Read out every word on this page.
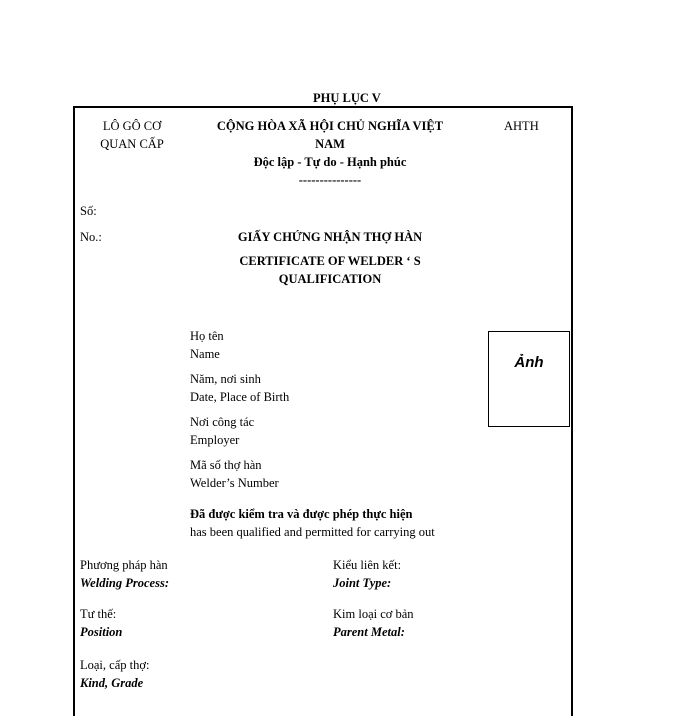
PHỤ LỤC V
LÔ GÔ CƠ
QUAN CẤP
CỘNG HÒA XÃ HỘI CHỦ NGHĨA VIỆT
NAM
Độc lập - Tự do - Hạnh phúc
---------------
AHTH
Số:
No.:	GIẤY CHỨNG NHẬN THỢ HÀN
CERTIFICATE OF WELDER ‘ S
QUALIFICATION
Họ tên
Name
Năm, nơi sinh
Date, Place of Birth
Nơi công tác
Employer
Mã số thợ hàn
Welder’s Number
Ảnh
Đã được kiểm tra và được phép thực hiện
has been qualified and permitted for carrying out
Phương pháp hàn
Welding Process:
Kiểu liên kết:
Joint Type:
Tư thế:
Position
Kim loại cơ bản
Parent Metal:
Loại, cấp thợ:
Kind, Grade
